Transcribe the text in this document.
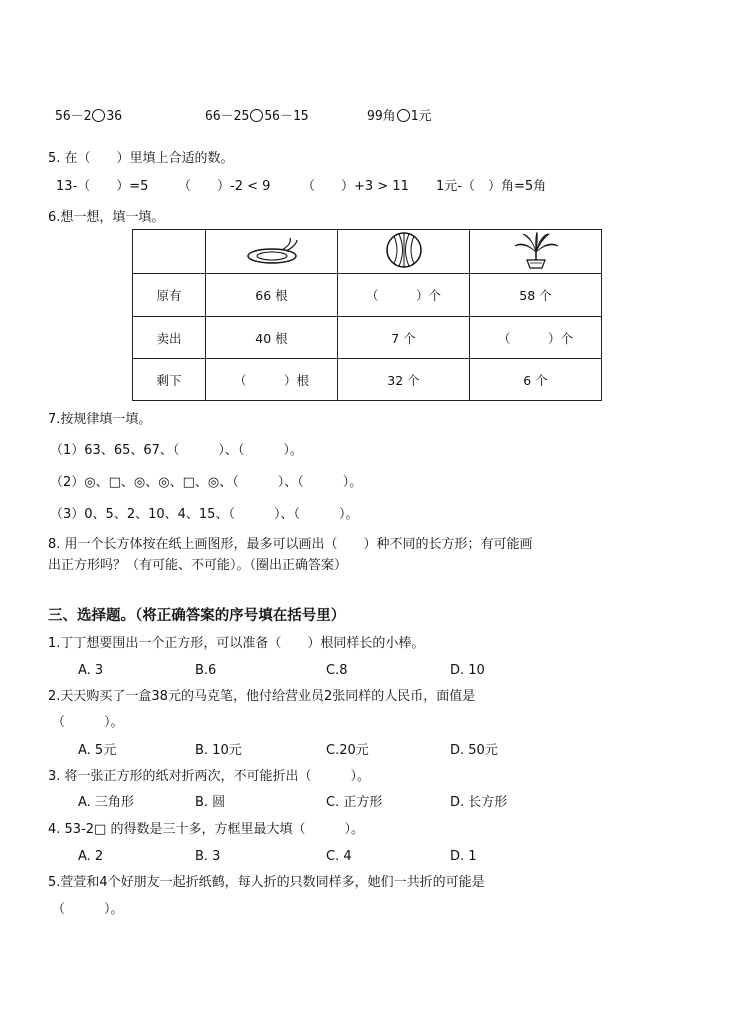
56－2 36	66－25 56－15	99角 1元
5. 在（　　）里填上合适的数。
13-（　　）=5 （　　）-2 < 9 （　　）+3 > 11 1元-（　）角=5角
6.想一想，填一填。

原有	66 根	（　　　）个	58 个
卖出	40 根	7 个	（　　　）个
剩下	（　　　）根	32 个	6 个
7.按规律填一填。
（1）63、65、67、（　　　）、（　　　）。
（2）◎、□、◎、◎、□、◎、（　　　）、（　　　）。
（3）0、5、2、10、4、15、（　　　）、（　　　）。
8. 用一个长方体按在纸上画图形，最多可以画出（　　）种不同的长方形；有可能画
出正方形吗？（有可能、不可能）。（圈出正确答案）
三、选择题。（将正确答案的序号填在括号里）
1.丁丁想要围出一个正方形，可以准备（　　）根同样长的小棒。
A. 3	B.6	C.8	D. 10
2.天天购买了一盒38元的马克笔，他付给营业员2张同样的人民币，面值是
（　　　）。
A. 5元	B. 10元	C.20元	D. 50元
3. 将一张正方形的纸对折两次，不可能折出（　　　）。
A. 三角形	B. 圆	C. 正方形	D. 长方形
4. 53-2□ 的得数是三十多，方框里最大填（　　　）。
A. 2	B. 3	C. 4	D. 1
5.萱萱和4个好朋友一起折纸鹤，每人折的只数同样多，她们一共折的可能是
（　　　）。
